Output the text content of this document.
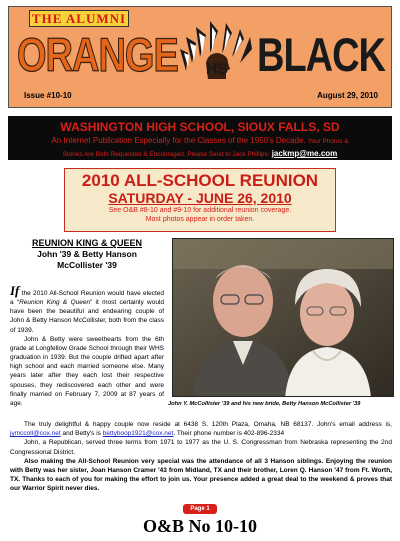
THE ALUMNI
ORANGE HS BLACK
Issue #10-10	August 29, 2010
WASHINGTON HIGH SCHOOL, SIOUX FALLS, SD
An Internet Publication Especially for the Classes of the 1950's Decade. Your Photos &
Stories Are Both Requested & Encouraged. Please Send to Jack Phillips: jackmp@me.com
2010 ALL-SCHOOL REUNION
SATURDAY - JUNE 26, 2010
See O&B #8-10 and #9-10 for additional reunion coverage.
Most photos appear in order taken.
REUNION KING & QUEEN
John '39 & Betty Hanson
McCollister '39

If the 2010 All-School Reunion would have elected a “Reunion King & Queen” it most certainly would have been the beautiful and endearing couple of John & Betty Hanson McCollister, both from the class of 1939.

John & Betty were sweethearts from the 6th grade at Longfellow Grade School through their WHS graduation in 1939. But the couple drifted apart after high school and each married someone else. Many years later after they each lost their respective spouses, they rediscovered each other and were finally married on February 7, 2009 at 87 years of age.	John Y. McCollister '39 and his new bride, Betty Hanson McCollister '39

The truly delightful & happy couple now reside at 6438 S. 120th Plaza, Omaha, NB 68137. John's email address is, jymccoll@cox.net and Betty's is bettyboop1921@cox.net. Their phone number is 402-896-2334

John, a Republican, served three terms from 1971 to 1977 as the U. S. Congressman from Nebraska representing the 2nd Congressional District.

Also making the All-School Reunion very special was the attendance of all 3 Hanson siblings. Enjoying the reunion with Betty was her sister, Joan Hanson Cramer '43 from Midland, TX and their brother, Loren Q. Hanson '47 from Ft. Worth, TX. Thanks to each of you for making the effort to join us. Your presence added a great deal to the weekend & proves that our Warrior Spirit never dies.

Page 1
O&B No 10-10
